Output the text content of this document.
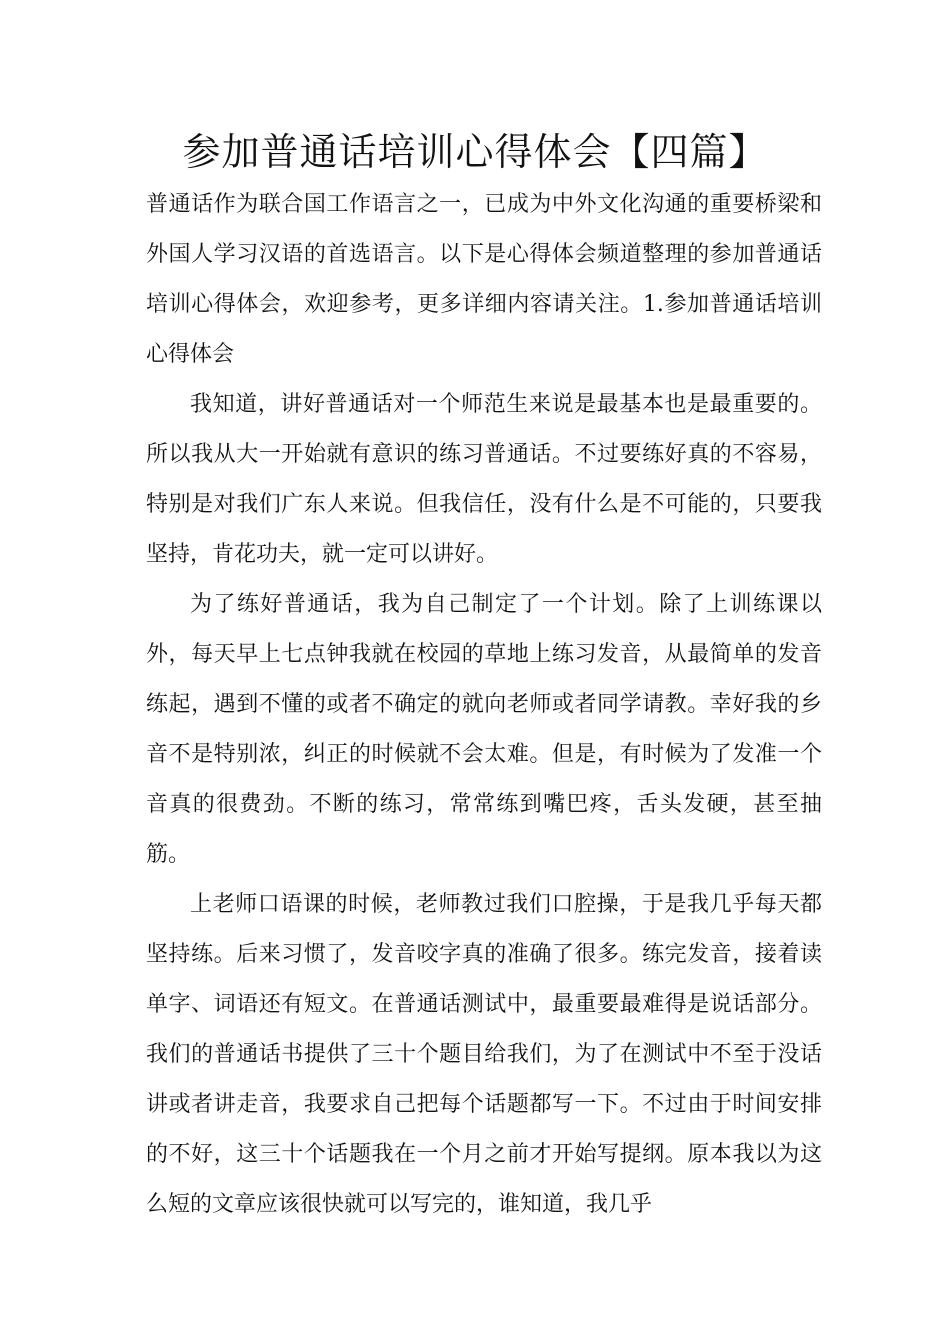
参加普通话培训心得体会【四篇】

普通话作为联合国工作语言之一，已成为中外文化沟通的重要桥梁和外国人学习汉语的首选语言。以下是心得体会频道整理的参加普通话培训心得体会，欢迎参考，更多详细内容请关注。1.参加普通话培训心得体会

我知道，讲好普通话对一个师范生来说是最基本也是最重要的。所以我从大一开始就有意识的练习普通话。不过要练好真的不容易，特别是对我们广东人来说。但我信任，没有什么是不可能的，只要我坚持，肯花功夫，就一定可以讲好。

为了练好普通话，我为自己制定了一个计划。除了上训练课以外，每天早上七点钟我就在校园的草地上练习发音，从最简单的发音练起，遇到不懂的或者不确定的就向老师或者同学请教。幸好我的乡音不是特别浓，纠正的时候就不会太难。但是，有时候为了发准一个音真的很费劲。不断的练习，常常练到嘴巴疼，舌头发硬，甚至抽筋。

上老师口语课的时候，老师教过我们口腔操，于是我几乎每天都坚持练。后来习惯了，发音咬字真的准确了很多。练完发音，接着读单字、词语还有短文。在普通话测试中，最重要最难得是说话部分。我们的普通话书提供了三十个题目给我们，为了在测试中不至于没话讲或者讲走音，我要求自己把每个话题都写一下。不过由于时间安排的不好，这三十个话题我在一个月之前才开始写提纲。原本我以为这么短的文章应该很快就可以写完的，谁知道，我几乎
